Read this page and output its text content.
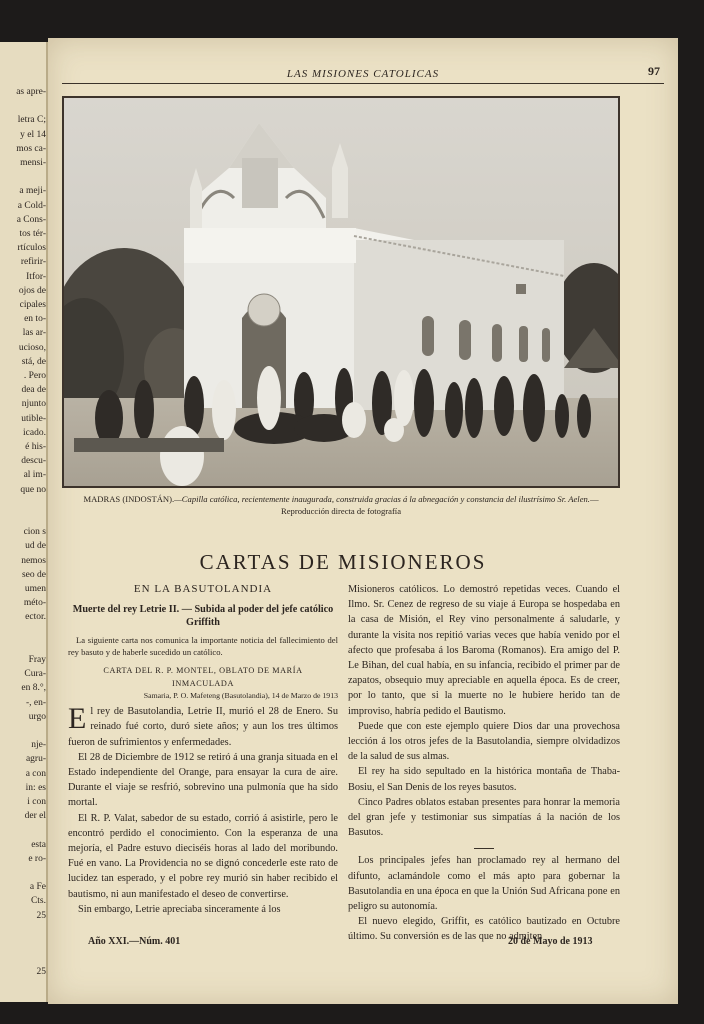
as apre-
letra C;
y el 14
mos ca-
mensi-
a meji-
a Cold-
a Cons-
tos tér-
rtículos
refirir-
Itfor-
ojos de
cipales
en to-
las ar-
ucioso,
stá, de
. Pero
dea de
njunto
utible-
icado.
é his-
descu-
al im-
que no
cion s
ud de
nemos
seo de
umen
méto-
ector.
Fray
Cura-
en 8.°,
-, en-
urgo
nje-
agru-
a con
in: es
i con
der el
esta
e ro-
a Fe
Cts.
25
25
LAS MISIONES CATOLICAS	97
MADRAS (INDOSTÁN).—Capilla católica, recientemente inaugurada, construida gracias á la abnegación y constancia del ilustrísimo Sr. Aelen.—Reproducción directa de fotografía
CARTAS DE MISIONEROS
EN LA BASUTOLANDIA
Muerte del rey Letrie II. — Subida al poder del jefe católico Griffith
La siguiente carta nos comunica la importante noticia del fallecimiento del rey basuto y de haberle sucedido un católico.
CARTA DEL R. P. MONTEL, OBLATO DE MARÍA
INMACULADA
Samaria, P. O. Mafeteng (Basutolandia), 14 de Marzo de 1913

El rey de Basutolandia, Letrie II, murió el 28 de Enero. Su reinado fué corto, duró siete años; y aun los tres últimos fueron de sufrimientos y enfermedades.

El 28 de Diciembre de 1912 se retiró á una granja situada en el Estado independiente del Orange, para ensayar la cura de aire. Durante el viaje se resfrió, sobrevino una pulmonía que ha sido mortal.

El R. P. Valat, sabedor de su estado, corrió á asistirle, pero le encontró perdido el conocimiento. Con la esperanza de una mejoría, el Padre estuvo dieciséis horas al lado del moribundo. Fué en vano. La Providencia no se dignó concederle este rato de lucidez tan esperado, y el pobre rey murió sin haber recibido el bautismo, ni aun manifestado el deseo de convertirse.

Sin embargo, Letrie apreciaba sinceramente á los

Misioneros católicos. Lo demostró repetidas veces. Cuando el Ilmo. Sr. Cenez de regreso de su viaje á Europa se hospedaba en la casa de Misión, el Rey vino personalmente á saludarle, y durante la visita nos repitió varias veces que había venido por el afecto que profesaba á los Baroma (Romanos). Era amigo del P. Le Bihan, del cual había, en su infancia, recibido el primer par de zapatos, obsequio muy apreciable en aquella época. Es de creer, por lo tanto, que si la muerte no le hubiere herido tan de improviso, habría pedido el Bautismo.

Puede que con este ejemplo quiere Dios dar una provechosa lección á los otros jefes de la Basutolandia, siempre olvidadizos de la salud de sus almas.

El rey ha sido sepultado en la histórica montaña de Thaba-Bosiu, el San Denis de los reyes basutos.

Cinco Padres oblatos estaban presentes para honrar la memoria del gran jefe y testimoniar sus simpatías á la nación de los Basutos.

Los principales jefes han proclamado rey al hermano del difunto, aclamándole como el más apto para gobernar la Basutolandia en una época en que la Unión Sud Africana pone en peligro su autonomía.

El nuevo elegido, Griffit, es católico bautizado en Octubre último. Su conversión es de las que no admiten

Año XXI.—Núm. 401	20 de Mayo de 1913
